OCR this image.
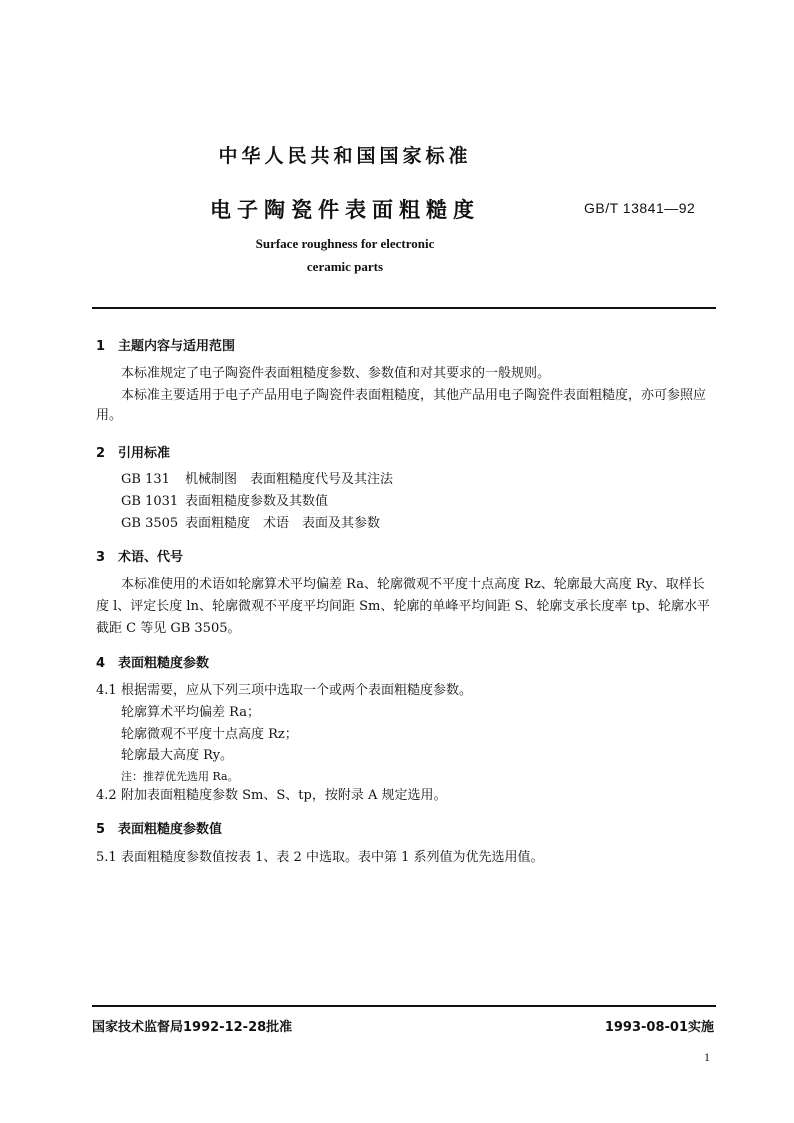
中华人民共和国国家标准
电子陶瓷件表面粗糙度	GB/T 13841—92
Surface roughness for electronic
ceramic parts
1 主题内容与适用范围
本标准规定了电子陶瓷件表面粗糙度参数、参数值和对其要求的一般规则。
本标准主要适用于电子产品用电子陶瓷件表面粗糙度，其他产品用电子陶瓷件表面粗糙度，亦可参照应用。
2 引用标准
GB 131 机械制图　表面粗糙度代号及其注法
GB 1031 表面粗糙度参数及其数值
GB 3505 表面粗糙度　术语　表面及其参数
3 术语、代号
本标准使用的术语如轮廓算术平均偏差 Ra、轮廓微观不平度十点高度 Rz、轮廓最大高度 Ry、取样长度 l、评定长度 ln、轮廓微观不平度平均间距 Sm、轮廓的单峰平均间距 S、轮廓支承长度率 tp、轮廓水平截距 C 等见 GB 3505。
4 表面粗糙度参数
4.1 根据需要，应从下列三项中选取一个或两个表面粗糙度参数。
轮廓算术平均偏差 Ra；
轮廓微观不平度十点高度 Rz；
轮廓最大高度 Ry。
注：推荐优先选用 Ra。
4.2 附加表面粗糙度参数 Sm、S、tp，按附录 A 规定选用。
5 表面粗糙度参数值
5.1 表面粗糙度参数值按表 1、表 2 中选取。表中第 1 系列值为优先选用值。
国家技术监督局1992-12-28批准	1993-08-01实施
1
